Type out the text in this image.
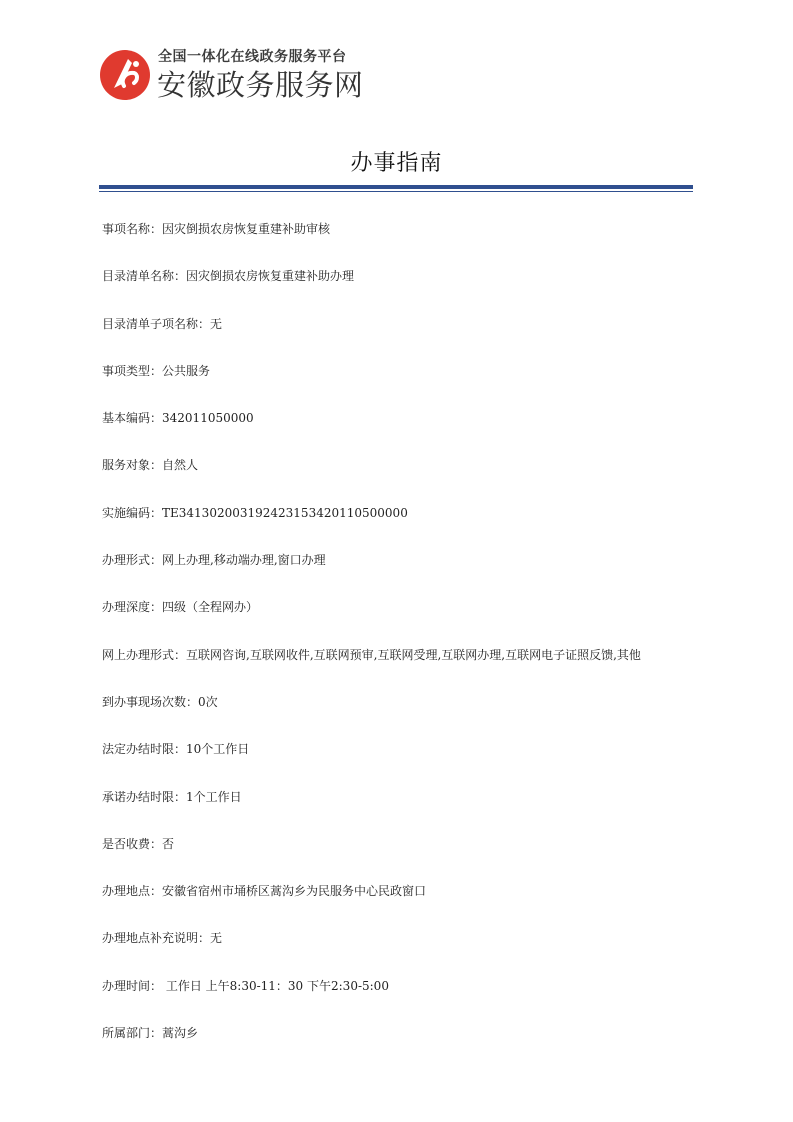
全国一体化在线政务服务平台
安徽政务服务网
办事指南
事项名称：因灾倒损农房恢复重建补助审核
目录清单名称：因灾倒损农房恢复重建补助办理
目录清单子项名称：无
事项类型：公共服务
基本编码：342011050000
服务对象：自然人
实施编码：TE341302003192423153420110500000
办理形式：网上办理,移动端办理,窗口办理
办理深度：四级（全程网办）
网上办理形式：互联网咨询,互联网收件,互联网预审,互联网受理,互联网办理,互联网电子证照反馈,其他
到办事现场次数：0次
法定办结时限：10个工作日
承诺办结时限：1个工作日
是否收费：否
办理地点：安徽省宿州市埇桥区蒿沟乡为民服务中心民政窗口
办理地点补充说明：无
办理时间： 工作日 上午8:30-11：30 下午2:30-5:00
所属部门：蒿沟乡
